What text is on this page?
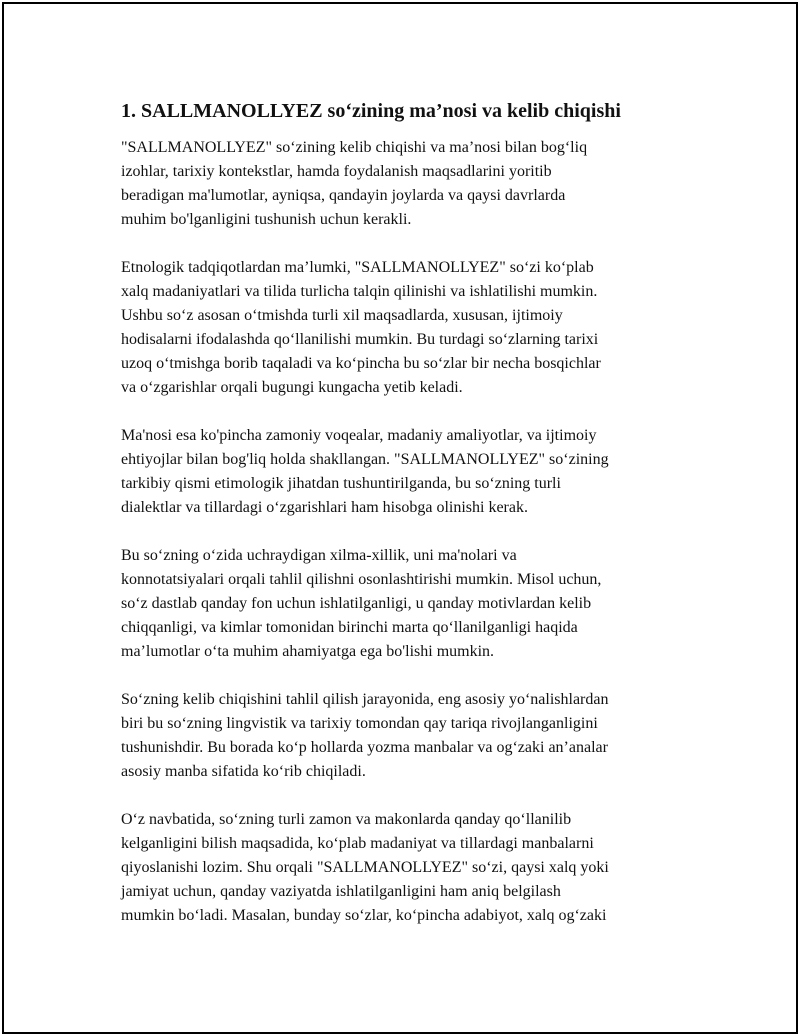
1. SALLMANOLLYEZ so‘zining ma’nosi va kelib chiqishi

"SALLMANOLLYEZ" so‘zining kelib chiqishi va ma’nosi bilan bog‘liq
izohlar, tarixiy kontekstlar, hamda foydalanish maqsadlarini yoritib
beradigan ma'lumotlar, ayniqsa, qandayin joylarda va qaysi davrlarda
muhim bo'lganligini tushunish uchun kerakli.

Etnologik tadqiqotlardan ma’lumki, "SALLMANOLLYEZ" so‘zi ko‘plab
xalq madaniyatlari va tilida turlicha talqin qilinishi va ishlatilishi mumkin.
Ushbu so‘z asosan o‘tmishda turli xil maqsadlarda, xususan, ijtimoiy
hodisalarni ifodalashda qo‘llanilishi mumkin. Bu turdagi so‘zlarning tarixi
uzoq o‘tmishga borib taqaladi va ko‘pincha bu so‘zlar bir necha bosqichlar
va o‘zgarishlar orqali bugungi kungacha yetib keladi.

Ma'nosi esa ko'pincha zamoniy voqealar, madaniy amaliyotlar, va ijtimoiy
ehtiyojlar bilan bog'liq holda shakllangan. "SALLMANOLLYEZ" so‘zining
tarkibiy qismi etimologik jihatdan tushuntirilganda, bu so‘zning turli
dialektlar va tillardagi o‘zgarishlari ham hisobga olinishi kerak.

Bu so‘zning o‘zida uchraydigan xilma-xillik, uni ma'nolari va
konnotatsiyalari orqali tahlil qilishni osonlashtirishi mumkin. Misol uchun,
so‘z dastlab qanday fon uchun ishlatilganligi, u qanday motivlardan kelib
chiqqanligi, va kimlar tomonidan birinchi marta qo‘llanilganligi haqida
ma’lumotlar o‘ta muhim ahamiyatga ega bo'lishi mumkin.

So‘zning kelib chiqishini tahlil qilish jarayonida, eng asosiy yo‘nalishlardan
biri bu so‘zning lingvistik va tarixiy tomondan qay tariqa rivojlanganligini
tushunishdir. Bu borada ko‘p hollarda yozma manbalar va og‘zaki an’analar
asosiy manba sifatida ko‘rib chiqiladi.

O‘z navbatida, so‘zning turli zamon va makonlarda qanday qo‘llanilib
kelganligini bilish maqsadida, ko‘plab madaniyat va tillardagi manbalarni
qiyoslanishi lozim. Shu orqali "SALLMANOLLYEZ" so‘zi, qaysi xalq yoki
jamiyat uchun, qanday vaziyatda ishlatilganligini ham aniq belgilash
mumkin bo‘ladi. Masalan, bunday so‘zlar, ko‘pincha adabiyot, xalq og‘zaki
